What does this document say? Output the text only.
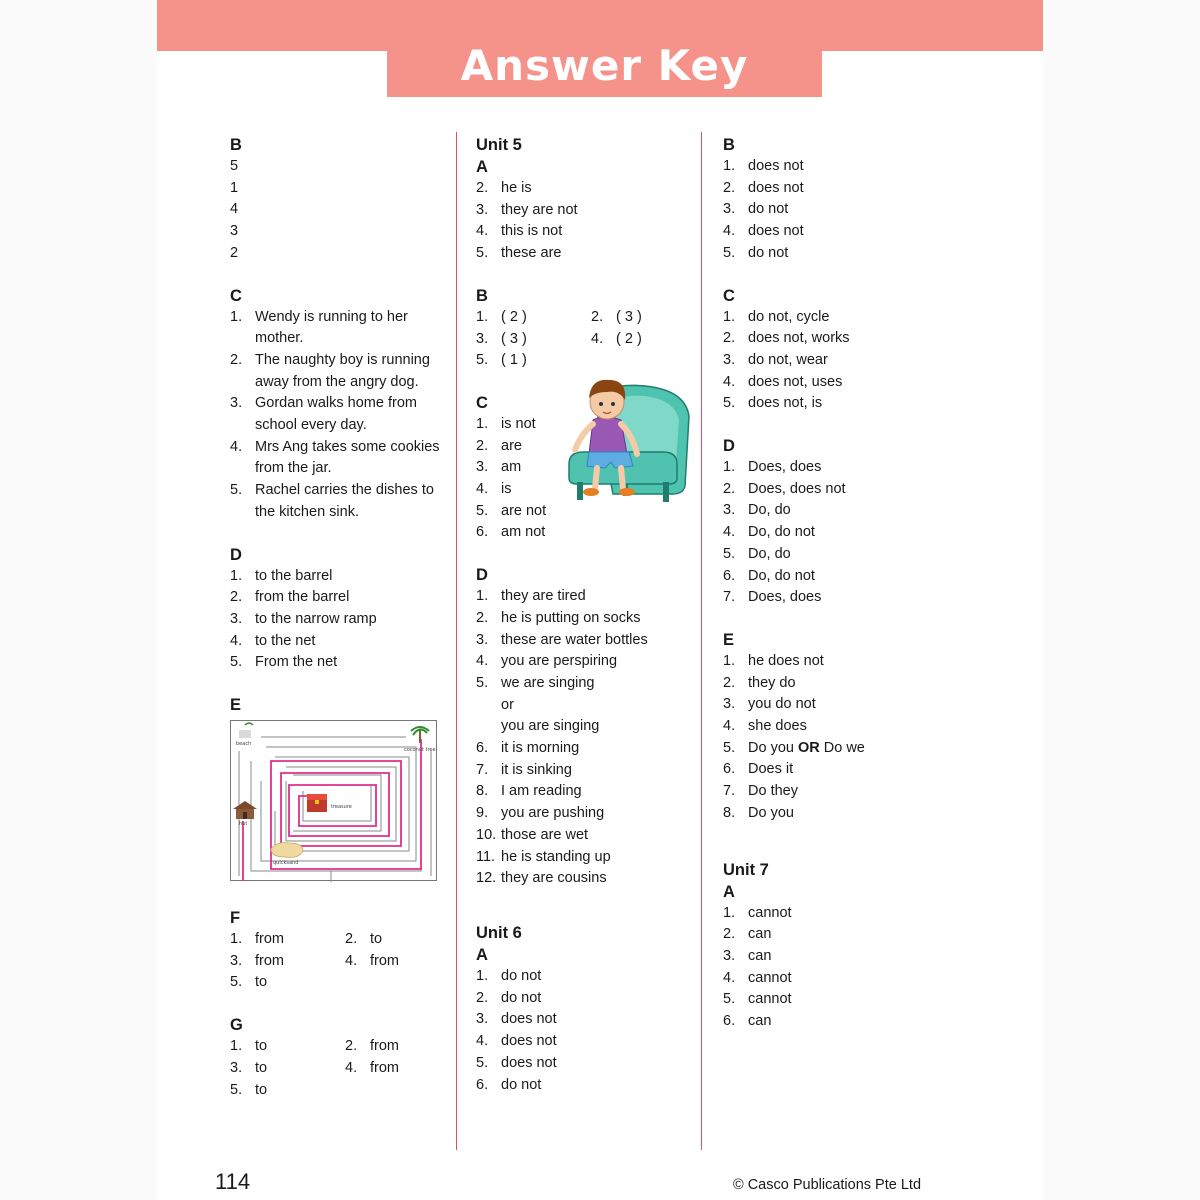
Answer Key
B
5
1
4
3
2
C
1. Wendy is running to her mother.
2. The naughty boy is running away from the angry dog.
3. Gordan walks home from school every day.
4. Mrs Ang takes some cookies from the jar.
5. Rachel carries the dishes to the kitchen sink.
D
1. to the barrel
2. from the barrel
3. to the narrow ramp
4. to the net
5. From the net
E
beach
coconut tree
hut
treasure
quicksand
F
1. from	2. to
3. from	4. from
5. to
G
1. to	2. from
3. to	4. from
5. to
Unit 5
A
2. he is
3. they are not
4. this is not
5. these are
B
1. ( 2 )	2. ( 3 )
3. ( 3 )	4. ( 2 )
5. ( 1 )
C
1. is not
2. are
3. am
4. is
5. are not
6. am not
D
1. they are tired
2. he is putting on socks
3. these are water bottles
4. you are perspiring
5. we are singing
or
you are singing
6. it is morning
7. it is sinking
8. I am reading
9. you are pushing
10. those are wet
11. he is standing up
12. they are cousins
Unit 6
A
1. do not
2. do not
3. does not
4. does not
5. does not
6. do not
B
1. does not
2. does not
3. do not
4. does not
5. do not
C
1. do not, cycle
2. does not, works
3. do not, wear
4. does not, uses
5. does not, is
D
1. Does, does
2. Does, does not
3. Do, do
4. Do, do not
5. Do, do
6. Do, do not
7. Does, does
E
1. he does not
2. they do
3. you do not
4. she does
5. Do you OR Do we
6. Does it
7. Do they
8. Do you
Unit 7
A
1. cannot
2. can
3. can
4. cannot
5. cannot
6. can
114	© Casco Publications Pte Ltd
